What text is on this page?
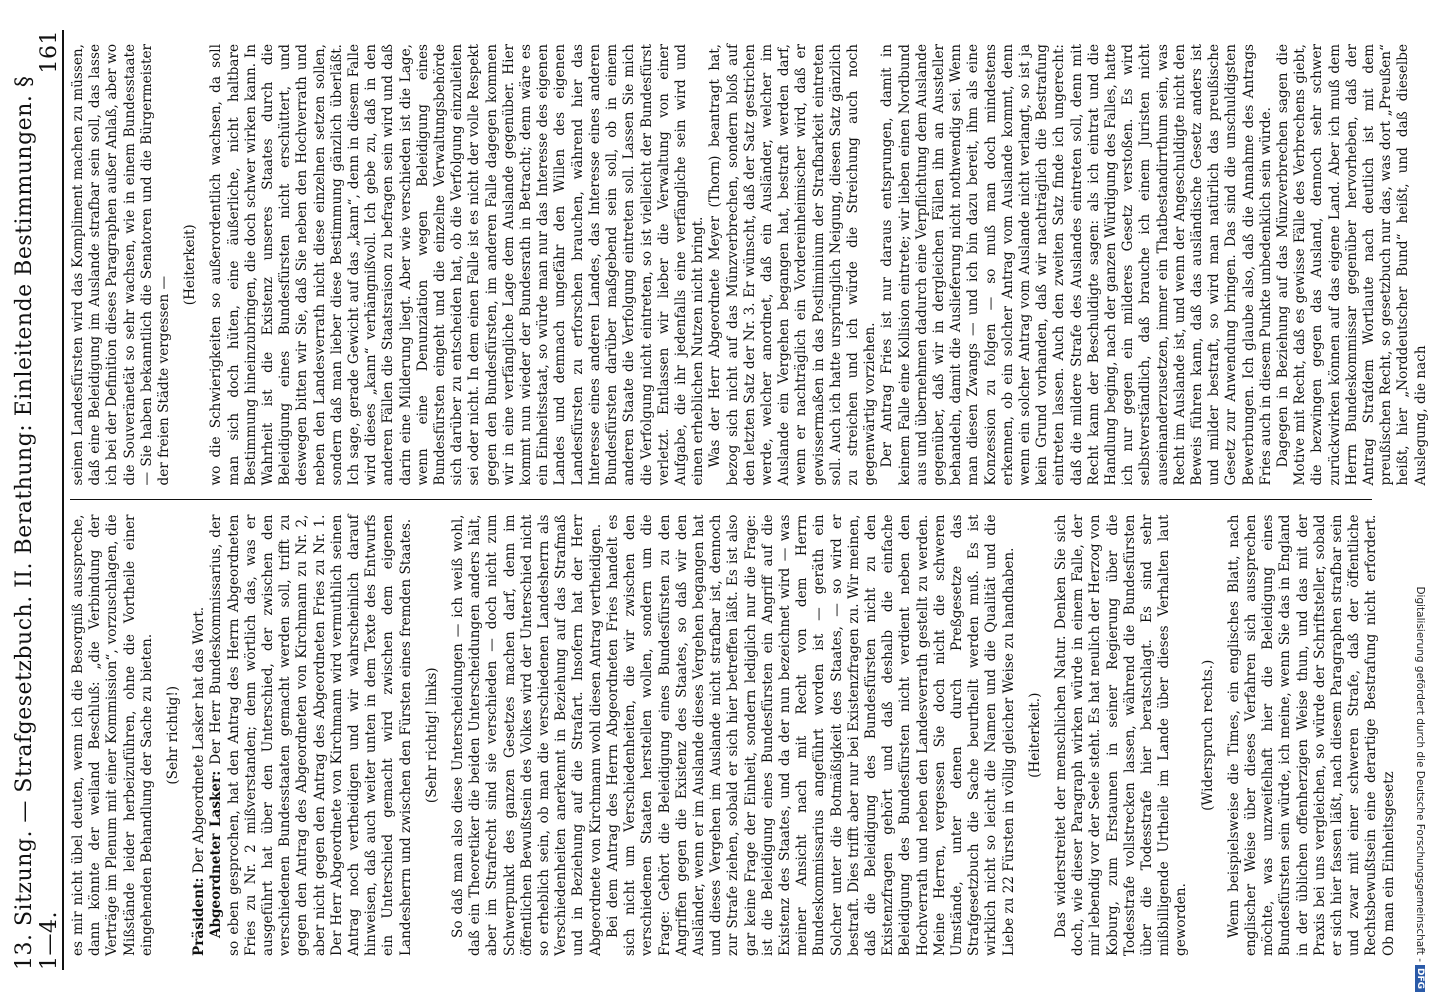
13. Sitzung. — Strafgesetzbuch. II. Berathung: Einleitende Bestimmungen. § 1—4.
161

es mir nicht übel deuten, wenn ich die Besorgniß ausspreche, dann könnte der weiland Beschluß: „die Verbindung der Verträge im Plenum mit einer Kommission“, vorzuschlagen, die Mißstände leider herbeizuführen, ohne die Vortheile einer eingehenden Behandlung der Sache zu bieten. (Sehr richtig!)

Präsident: Der Abgeordnete Lasker hat das Wort. Abgeordneter Lasker: Der Herr Bundeskommissarius, der so eben gesprochen, hat den Antrag des Herrn Abgeordneten Fries zu Nr. 2 mißverstanden; denn wörtlich das, was er ausgeführt hat über den Unterschied, der zwischen den verschiedenen Bundesstaaten gemacht werden soll, trifft zu gegen den Antrag des Abgeordneten von Kirchmann zu Nr. 2, aber nicht gegen den Antrag des Abgeordneten Fries zu Nr. 1. Der Herr Abgeordnete von Kirchmann wird vermuthlich seinen Antrag noch vertheidigen und wir wahrscheinlich darauf hinweisen, daß auch weiter unten in dem Texte des Entwurfs ein Unterschied gemacht wird zwischen dem eigenen Landesherrn und zwischen den Fürsten eines fremden Staates. (Sehr richtig! links) So daß man also diese Unterscheidungen — ich weiß wohl, daß ein Theoretiker die beiden Unterscheidungen anders hält, aber im Strafrecht sind sie verschieden — doch nicht zum Schwerpunkt des ganzen Gesetzes machen darf, denn im öffentlichen Bewußtsein des Volkes wird der Unterschied nicht so erheblich sein, ob man die verschiedenen Landesherrn als Verschiedenheiten anerkennt in Beziehung auf das Strafmaß und in Beziehung auf die Strafart. Insofern hat der Herr Abgeordnete von Kirchmann wohl diesen Antrag vertheidigen. Bei dem Antrag des Herrn Abgeordneten Fries handelt es sich nicht um Verschiedenheiten, die wir zwischen den verschiedenen Staaten herstellen wollen, sondern um die Frage: Gehört die Beleidigung eines Bundesfürsten zu den Angriffen gegen die Existenz des Staates, so daß wir den Ausländer, wenn er im Auslande dieses Vergehen begangen hat und dieses Vergehen im Auslande nicht strafbar ist, dennoch zur Strafe ziehen, sobald er sich hier betreffen läßt. Es ist also gar keine Frage der Einheit, sondern lediglich nur die Frage: ist die Beleidigung eines Bundesfürsten ein Angriff auf die Existenz des Staates, und da der nun bezeichnet wird — was meiner Ansicht nach mit Recht von dem Herrn Bundeskommissarius angeführt worden ist — geräth ein Solcher unter die Botmäßigkeit des Staates, — so wird er bestraft. Dies trifft aber nur bei Existenzfragen zu. Wir meinen, daß die Beleidigung des Bundesfürsten nicht zu den Existenzfragen gehört und daß deshalb die einfache Beleidigung des Bundesfürsten nicht verdient neben den Hochverrath und neben den Landesverrath gestellt zu werden. Meine Herren, vergessen Sie doch nicht die schweren Umstände, unter denen durch Preßgesetze das Strafgesetzbuch die Sache beurtheilt werden muß. Es ist wirklich nicht so leicht die Namen und die Qualität und die Liebe zu 22 Fürsten in völlig gleicher Weise zu handhaben. (Heiterkeit.) Das widerstreitet der menschlichen Natur. Denken Sie sich doch, wie dieser Paragraph wirken würde in einem Falle, der mir lebendig vor der Seele steht. Es hat neulich der Herzog von Koburg, zum Erstaunen in seiner Regierung über die Todesstrafe vollstrecken lassen, während die Bundesfürsten über die Todesstrafe hier beratschlagt. Es sind sehr mißbilligende Urtheile im Lande über dieses Verhalten laut geworden.

(Widerspruch rechts.) Wenn beispielsweise die Times, ein englisches Blatt, nach englischer Weise über dieses Verfahren sich aussprechen möchte, was unzweifelhaft hier die Beleidigung eines Bundesfürsten sein würde, ich meine, wenn Sie das in England in der üblichen offenherzigen Weise thun, und das mit der Praxis bei uns vergleichen, so würde der Schriftsteller, sobald er sich hier fassen läßt, nach diesem Paragraphen strafbar sein und zwar mit einer schweren Strafe, daß der öffentliche Rechtsbewußtsein eine derartige Bestrafung nicht erfordert. Ob man ein Einheitsgesetz

seinen Landesfürsten wird das Kompliment machen zu müssen, daß eine Beleidigung im Auslande strafbar sein soll, das lasse ich bei der Definition dieses Paragraphen außer Anlaß, aber wo die Souveränetät so sehr wachsen, wie in einem Bundesstaate — Sie haben bekanntlich die Senatoren und die Bürgermeister der freien Städte vergessen —

(Heiterkeit) wo die Schwierigkeiten so außerordentlich wachsen, da soll man sich doch hüten, eine äußerliche, nicht haltbare Bestimmung hineinzubringen, die doch schwer wirken kann. In Wahrheit ist die Existenz unseres Staates durch die Beleidigung eines Bundesfürsten nicht erschüttert, und deswegen bitten wir Sie, daß Sie neben den Hochverrath und neben den Landesverrath nicht diese einzelnen setzen sollen, sondern daß man lieber diese Bestimmung gänzlich überläßt. Ich sage, gerade Gewicht auf das „kann“, denn in diesem Falle wird dieses „kann“ verhängnißvoll. Ich gebe zu, daß in den anderen Fällen die Staatsraison zu befragen sein wird und daß darin eine Milderung liegt. Aber wie verschieden ist die Lage, wenn eine Denunziation wegen Beleidigung eines Bundesfürsten eingeht und die einzelne Verwaltungsbehörde sich darüber zu entscheiden hat, ob die Verfolgung einzuleiten sei oder nicht. In dem einen Falle ist es nicht der volle Respekt gegen den Bundesfürsten, im anderen Falle dagegen kommen wir in eine verfängliche Lage dem Auslande gegenüber. Hier kommt nun wieder der Bundesrath in Betracht; denn wäre es ein Einheitsstaat, so würde man nur das Interesse des eigenen Landes und demnach ungefähr den Willen des eigenen Landesfürsten zu erforschen brauchen, während hier das Interesse eines anderen Landes, das Interesse eines anderen Bundesfürsten darüber maßgebend sein soll, ob in einem anderen Staate die Verfolgung eintreten soll. Lassen Sie mich die Verfolgung nicht eintreten, so ist vielleicht der Bundesfürst verletzt. Entlassen wir lieber die Verwaltung von einer Aufgabe, die ihr jedenfalls eine verfängliche sein wird und einen erheblichen Nutzen nicht bringt. Was der Herr Abgeordnete Meyer (Thorn) beantragt hat, bezog sich nicht auf das Münzverbrechen, sondern bloß auf den letzten Satz der Nr. 3. Er wünscht, daß der Satz gestrichen werde, welcher anordnet, daß ein Ausländer, welcher im Auslande ein Vergehen begangen hat, bestraft werden darf, wenn er nachträglich ein Vordereinheimischer wird, daß er gewissermaßen in das Postliminium der Strafbarkeit eintreten soll. Auch ich hatte ursprünglich Neigung, diesen Satz gänzlich zu streichen und ich würde die Streichung auch noch gegenwärtig vorziehen. Der Antrag Fries ist nur daraus entsprungen, damit in keinem Falle eine Kollision eintrete; wir lieben einen Nordbund aus und übernehmen dadurch eine Verpflichtung dem Auslande gegenüber, daß wir in dergleichen Fällen ihn an Aussteller behandeln, damit die Auslieferung nicht nothwendig sei. Wenn man diesen Zwangs — und ich bin dazu bereit, ihm als eine Konzession zu folgen — so muß man doch mindestens erkennen, ob ein solcher Antrag vom Auslande kommt, denn wenn ein solcher Antrag vom Auslande nicht verlangt, so ist ja kein Grund vorhanden, daß wir nachträglich die Bestrafung eintreten lassen. Auch den zweiten Satz finde ich ungerecht: daß die mildere Strafe des Auslandes eintreten soll, denn mit Recht kann der Beschuldigte sagen: als ich eintrat und die Handlung beging, nach der ganzen Würdigung des Falles, hatte ich nur gegen ein milderes Gesetz verstoßen. Es wird selbstverständlich, daß brauche ich einem Juristen nicht auseinanderzusetzen, immer ein Thatbestandirrthum sein, was Recht im Auslande ist, und wenn der Angeschuldigte nicht den Beweis führen kann, daß das ausländische Gesetz anders ist und milder bestraft, so wird man natürlich das preußische Gesetz zur Anwendung bringen. Das sind die unschuldigsten Bewerbungen. Ich glaube also, daß die Annahme des Antrags Fries auch in diesem Punkte unbedenklich sein würde. Dagegen in Beziehung auf das Münzverbrechen sagen die Motive mit Recht, daß es gewisse Fälle des Verbrechens giebt, die bezwingen gegen das Ausland, dennoch sehr schwer zurückwirken können auf das eigene Land. Aber ich muß dem Herrn Bundeskommissar gegenüber hervorheben, daß der Antrag Strafdem Wortlaute nach deutlich ist mit dem preußischen Recht, so gesetzbuch nur das, was dort „Preußen“ heißt, hier „Norddeutscher Bund“ heißt, und daß dieselbe Auslegung, die nach

Digitalisierung gefördert durch die Deutsche Forschungsgemeinschaft -
DFG
